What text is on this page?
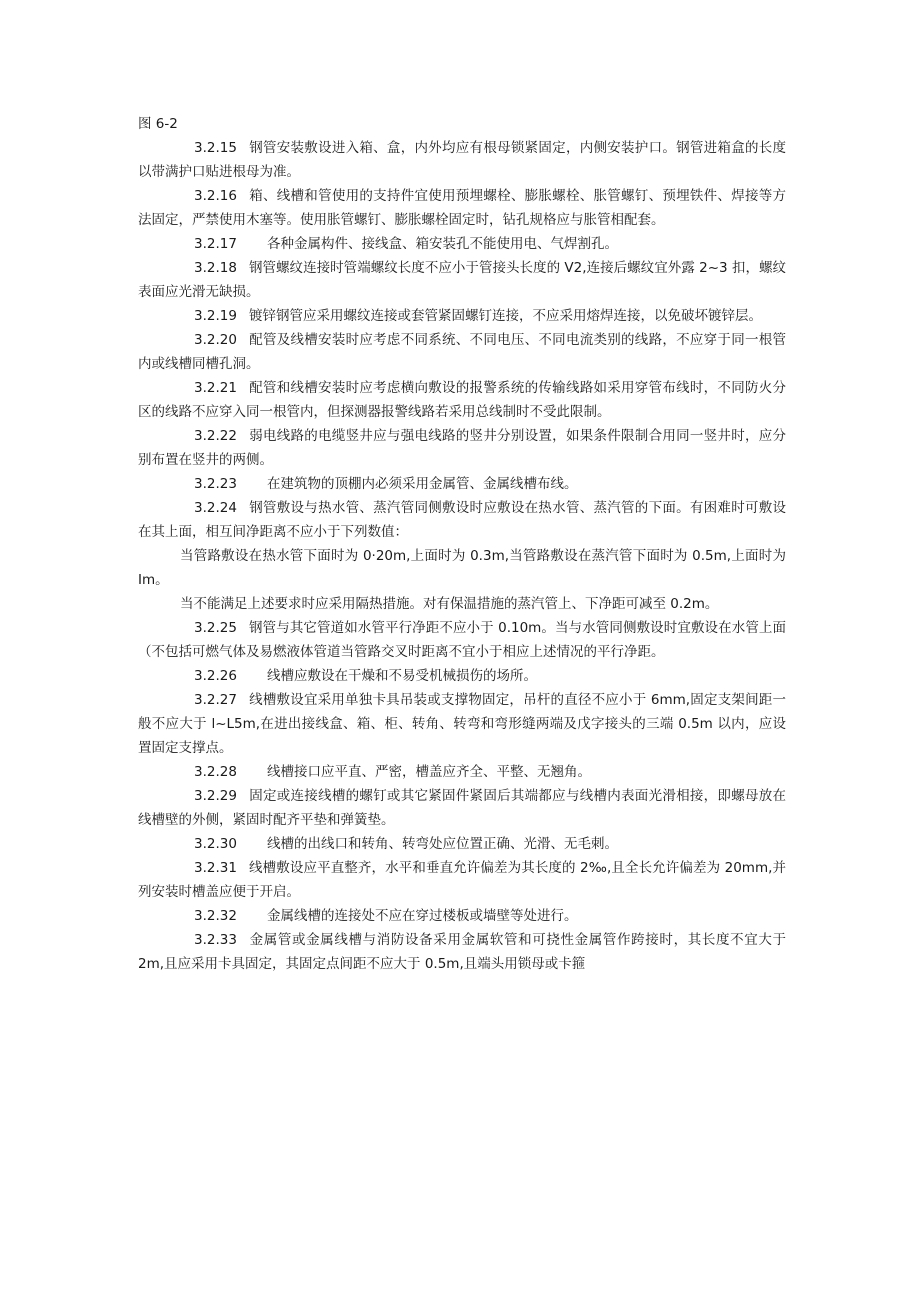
图 6-2

3.2.15 钢管安装敷设进入箱、盒，内外均应有根母锁紧固定，内侧安装护口。钢管进箱盒的长度以带满护口贴进根母为准。

3.2.16 箱、线槽和管使用的支持件宜使用预埋螺栓、膨胀螺栓、胀管螺钉、预埋铁件、焊接等方法固定，严禁使用木塞等。使用胀管螺钉、膨胀螺栓固定时，钻孔规格应与胀管相配套。

3.2.17 各种金属构件、接线盒、箱安装孔不能使用电、气焊割孔。

3.2.18 钢管螺纹连接时管端螺纹长度不应小于管接头长度的 V2,连接后螺纹宜外露 2~3 扣，螺纹表面应光滑无缺损。

3.2.19 镀锌钢管应采用螺纹连接或套管紧固螺钉连接，不应采用熔焊连接，以免破坏镀锌层。

3.2.20 配管及线槽安装时应考虑不同系统、不同电压、不同电流类别的线路，不应穿于同一根管内或线槽同槽孔洞。

3.2.21 配管和线槽安装时应考虑横向敷设的报警系统的传输线路如采用穿管布线时，不同防火分区的线路不应穿入同一根管内，但探测器报警线路若采用总线制时不受此限制。

3.2.22 弱电线路的电缆竖井应与强电线路的竖井分别设置，如果条件限制合用同一竖井时，应分别布置在竖井的两侧。

3.2.23 在建筑物的顶棚内必须采用金属管、金属线槽布线。

3.2.24 钢管敷设与热水管、蒸汽管同侧敷设时应敷设在热水管、蒸汽管的下面。有困难时可敷设在其上面，相互间净距离不应小于下列数值：

当管路敷设在热水管下面时为 0·20m,上面时为 0.3m,当管路敷设在蒸汽管下面时为 0.5m,上面时为 Im。

当不能满足上述要求时应采用隔热措施。对有保温措施的蒸汽管上、下净距可减至 0.2m。

3.2.25 钢管与其它管道如水管平行净距不应小于 0.10m。当与水管同侧敷设时宜敷设在水管上面（不包括可燃气体及易燃液体管道当管路交叉时距离不宜小于相应上述情况的平行净距。

3.2.26 线槽应敷设在干燥和不易受机械损伤的场所。

3.2.27 线槽敷设宜采用单独卡具吊装或支撑物固定，吊杆的直径不应小于 6mm,固定支架间距一般不应大于 l~L5m,在进出接线盒、箱、柜、转角、转弯和弯形缝两端及戊字接头的三端 0.5m 以内，应设置固定支撑点。

3.2.28 线槽接口应平直、严密，槽盖应齐全、平整、无翘角。

3.2.29 固定或连接线槽的螺钉或其它紧固件紧固后其端都应与线槽内表面光滑相接，即螺母放在线槽壁的外侧，紧固时配齐平垫和弹簧垫。

3.2.30 线槽的出线口和转角、转弯处应位置正确、光滑、无毛刺。

3.2.31 线槽敷设应平直整齐，水平和垂直允许偏差为其长度的 2‰,且全长允许偏差为 20mm,并列安装时槽盖应便于开启。

3.2.32 金属线槽的连接处不应在穿过楼板或墙壁等处进行。

3.2.33 金属管或金属线槽与消防设备采用金属软管和可挠性金属管作跨接时，其长度不宜大于 2m,且应采用卡具固定，其固定点间距不应大于 0.5m,且端头用锁母或卡箍
